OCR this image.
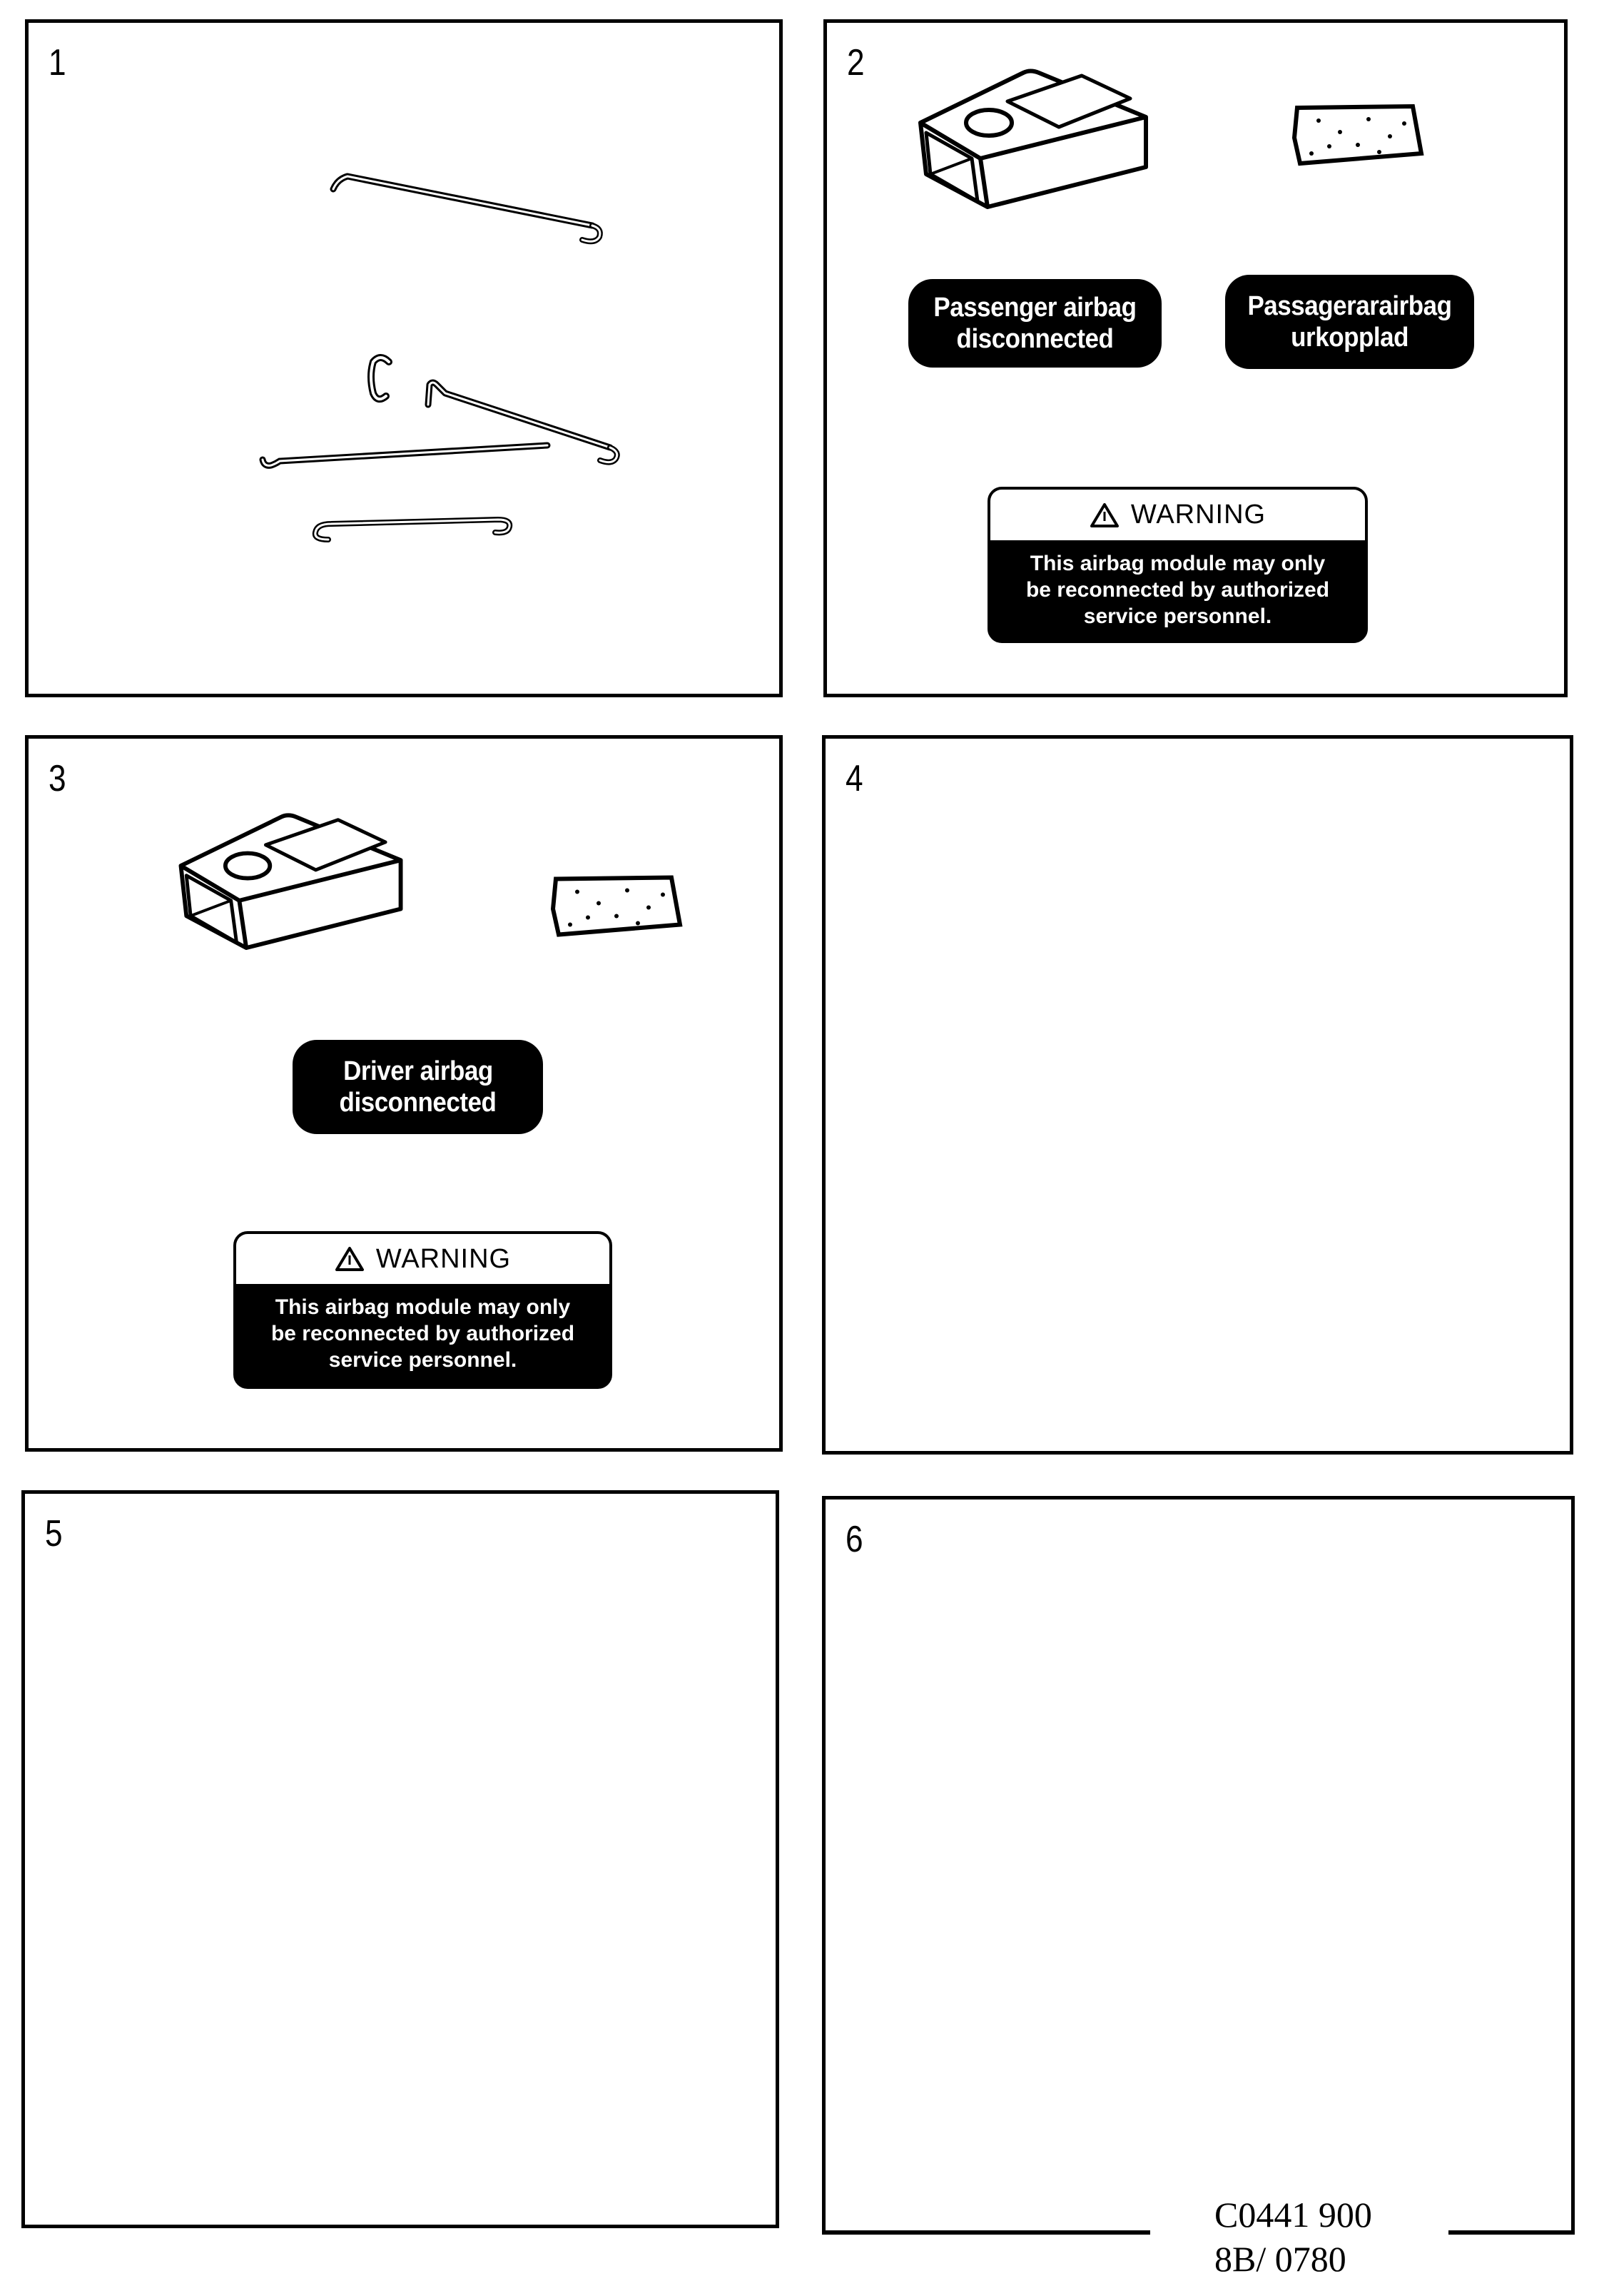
1	2
Passenger airbag
disconnected
Passagerarairbag
urkopplad
WARNING
This airbag module may only
be reconnected by authorized
service personnel.
3
Driver airbag
disconnected
WARNING
This airbag module may only
be reconnected by authorized
service personnel.
4
5	6
C0441 900
8B/ 0780
